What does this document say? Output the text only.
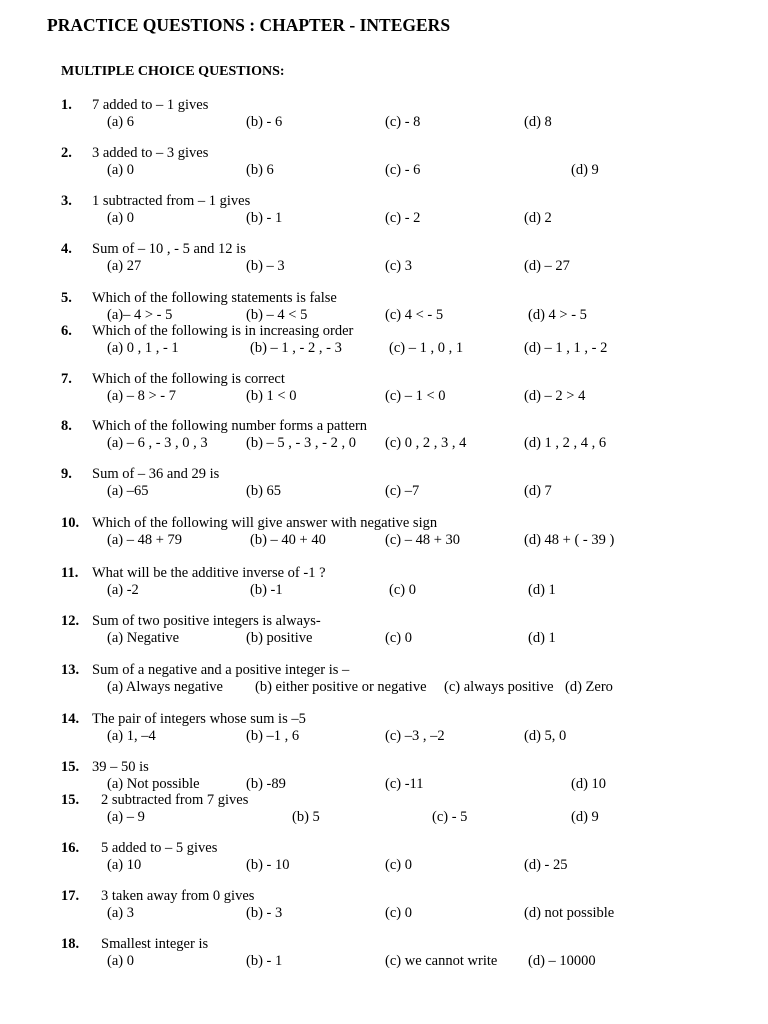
PRACTICE QUESTIONS : CHAPTER - INTEGERS
MULTIPLE CHOICE QUESTIONS:
1. 7 added to – 1 gives
(a) 6	(b) - 6	(c) - 8	(d) 8
2. 3 added to – 3 gives
(a) 0	(b) 6	(c) - 6	(d) 9
3. 1 subtracted from – 1 gives
(a) 0	(b) - 1	(c) - 2	(d) 2
4. Sum of – 10 , - 5 and 12 is
(a) 27	(b) – 3	(c) 3	(d) – 27
5. Which of the following statements is false
(a)– 4 > - 5	(b) – 4 < 5	(c) 4 < - 5	(d) 4 > - 5
6. Which of the following is in increasing order
(a) 0 , 1 , - 1	(b) – 1 , - 2 , - 3	(c) – 1 , 0 , 1	(d) – 1 , 1 , - 2
7. Which of the following is correct
(a) – 8 > - 7	(b) 1 < 0	(c) – 1 < 0	(d) – 2 > 4
8. Which of the following number forms a pattern
(a) – 6 , - 3 , 0 , 3	(b) – 5 , - 3 , - 2 , 0 (c) 0 , 2 , 3 , 4	(d) 1 , 2 , 4 , 6
9. Sum of – 36 and 29 is
(a) –65	(b) 65	(c) –7	(d) 7
10. Which of the following will give answer with negative sign
(a) – 48 + 79	(b) – 40 + 40	(c) – 48 + 30	(d) 48 + ( - 39 )
11. What will be the additive inverse of -1 ?
(a) -2	(b) -1	(c) 0	(d) 1
12. Sum of two positive integers is always-
(a) Negative	(b) positive	(c) 0	(d) 1
13. Sum of a negative and a positive integer is –
(a) Always negative (b) either positive or negative (c) always positive (d) Zero
14. The pair of integers whose sum is –5
(a) 1, –4	(b) –1 , 6	(c) –3 , –2	(d) 5, 0
15. 39 – 50 is
(a) Not possible	(b) -89	(c) -11	(d) 10
15. 2 subtracted from 7 gives
(a) – 9	(b) 5	(c) - 5	(d) 9
16. 5 added to – 5 gives
(a) 10	(b) - 10	(c) 0	(d) - 25
17. 3 taken away from 0 gives
(a) 3	(b) - 3	(c) 0	(d) not possible
18. Smallest integer is
(a) 0	(b) - 1	(c) we cannot write (d) – 10000
